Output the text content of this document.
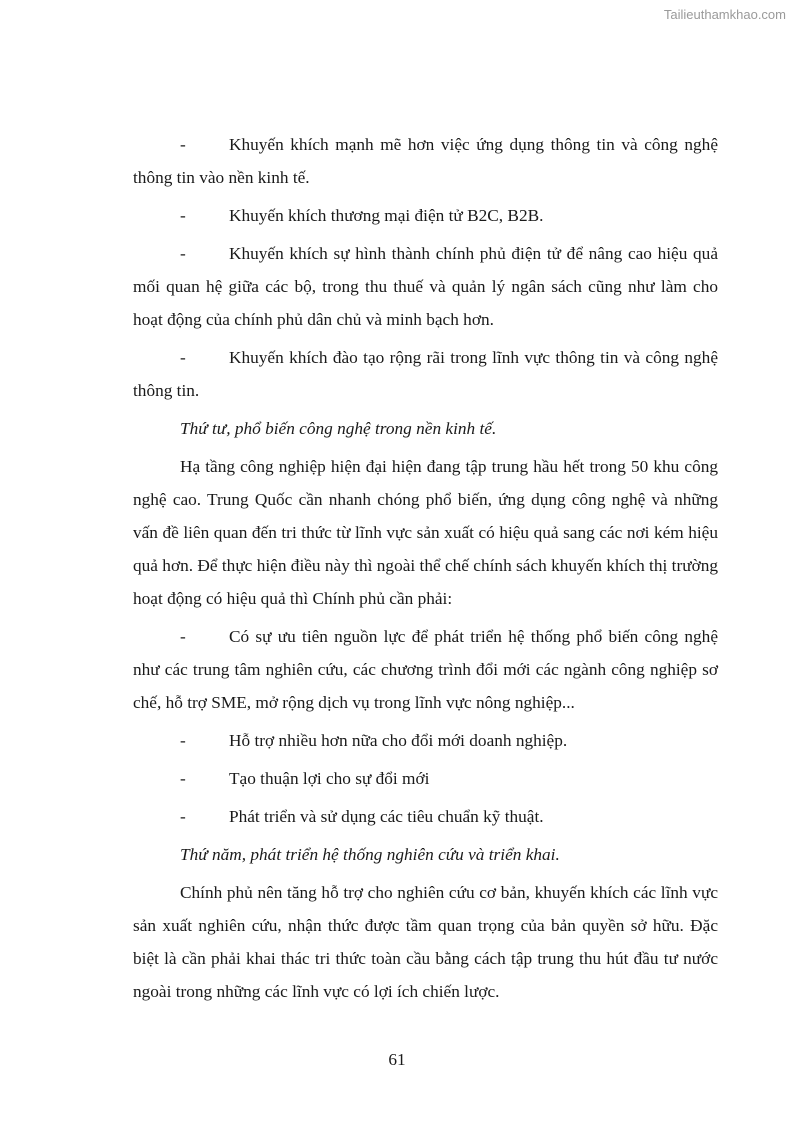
Tailieuthamkhao.com

- Khuyến khích mạnh mẽ hơn việc ứng dụng thông tin và công nghệ thông tin vào nền kinh tế.

- Khuyến khích thương mại điện tử B2C, B2B.

- Khuyến khích sự hình thành chính phủ điện tử để nâng cao hiệu quả mối quan hệ giữa các bộ, trong thu thuế và quản lý ngân sách cũng như làm cho hoạt động của chính phủ dân chủ và minh bạch hơn.

- Khuyến khích đào tạo rộng rãi trong lĩnh vực thông tin và công nghệ thông tin.

Thứ tư, phổ biến công nghệ trong nền kinh tế.

Hạ tầng công nghiệp hiện đại hiện đang tập trung hầu hết trong 50 khu công nghệ cao. Trung Quốc cần nhanh chóng phổ biến, ứng dụng công nghệ và những vấn đề liên quan đến tri thức từ lĩnh vực sản xuất có hiệu quả sang các nơi kém hiệu quả hơn. Để thực hiện điều này thì ngoài thể chế chính sách khuyến khích thị trường hoạt động có hiệu quả thì Chính phủ cần phải:

- Có sự ưu tiên nguồn lực để phát triển hệ thống phổ biến công nghệ như các trung tâm nghiên cứu, các chương trình đổi mới các ngành công nghiệp sơ chế, hỗ trợ SME, mở rộng dịch vụ trong lĩnh vực nông nghiệp...

- Hỗ trợ nhiều hơn nữa cho đổi mới doanh nghiệp.

- Tạo thuận lợi cho sự đổi mới

- Phát triển và sử dụng các tiêu chuẩn kỹ thuật.

Thứ năm, phát triển hệ thống nghiên cứu và triển khai.

Chính phủ nên tăng hỗ trợ cho nghiên cứu cơ bản, khuyến khích các lĩnh vực sản xuất nghiên cứu, nhận thức được tầm quan trọng của bản quyền sở hữu. Đặc biệt là cần phải khai thác tri thức toàn cầu bằng cách tập trung thu hút đầu tư nước ngoài trong những các lĩnh vực có lợi ích chiến lược.

61
